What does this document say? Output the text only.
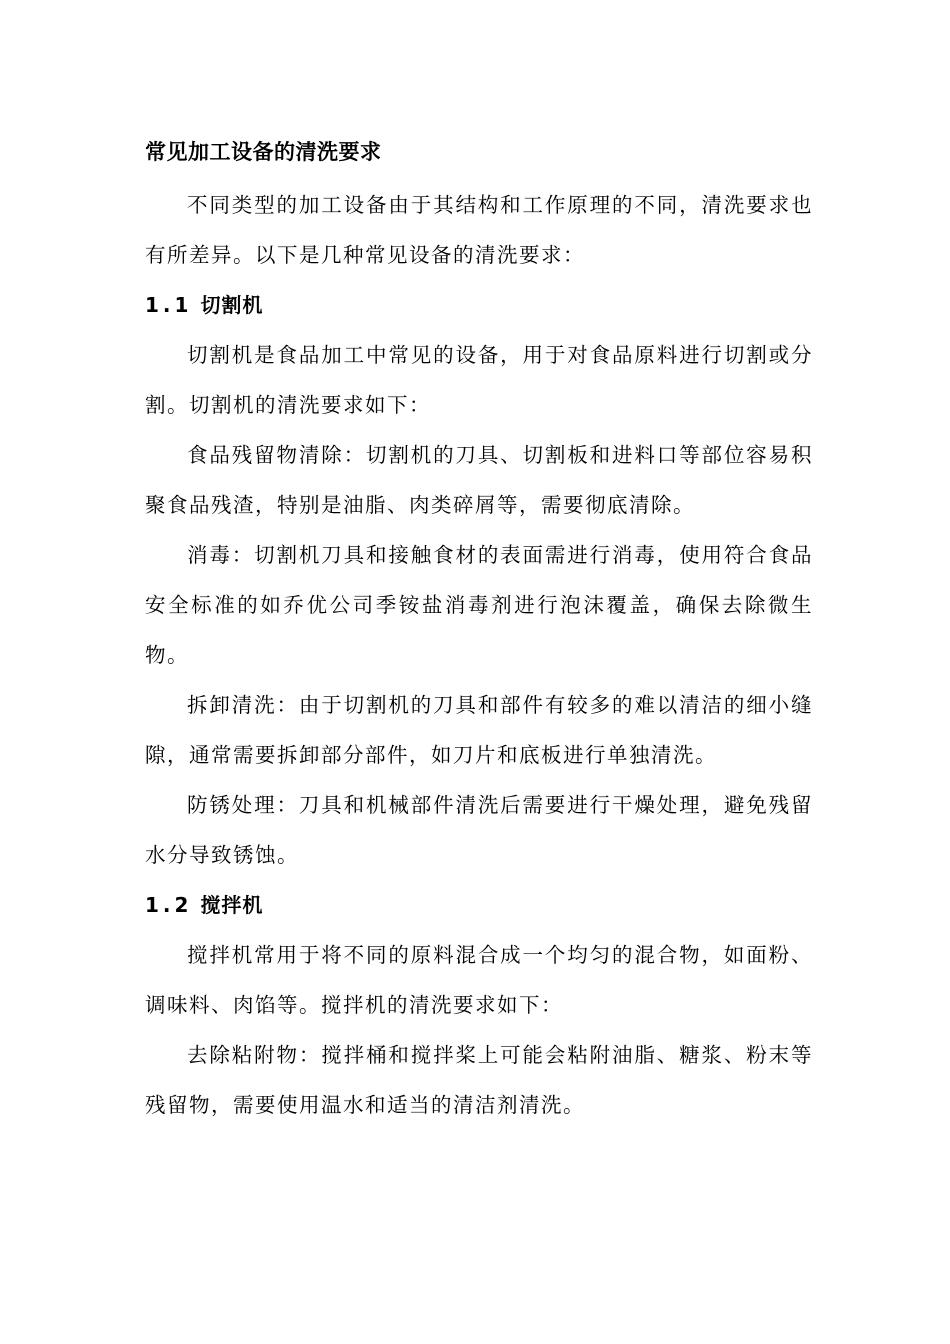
常见加工设备的清洗要求

不同类型的加工设备由于其结构和工作原理的不同，清洗要求也有所差异。以下是几种常见设备的清洗要求：

1.1 切割机

切割机是食品加工中常见的设备，用于对食品原料进行切割或分割。切割机的清洗要求如下：

食品残留物清除：切割机的刀具、切割板和进料口等部位容易积聚食品残渣，特别是油脂、肉类碎屑等，需要彻底清除。

消毒：切割机刀具和接触食材的表面需进行消毒，使用符合食品安全标准的如乔优公司季铵盐消毒剂进行泡沫覆盖，确保去除微生物。

拆卸清洗：由于切割机的刀具和部件有较多的难以清洁的细小缝隙，通常需要拆卸部分部件，如刀片和底板进行单独清洗。

防锈处理：刀具和机械部件清洗后需要进行干燥处理，避免残留水分导致锈蚀。

1.2 搅拌机

搅拌机常用于将不同的原料混合成一个均匀的混合物，如面粉、调味料、肉馅等。搅拌机的清洗要求如下：

去除粘附物：搅拌桶和搅拌桨上可能会粘附油脂、糖浆、粉末等残留物，需要使用温水和适当的清洁剂清洗。
